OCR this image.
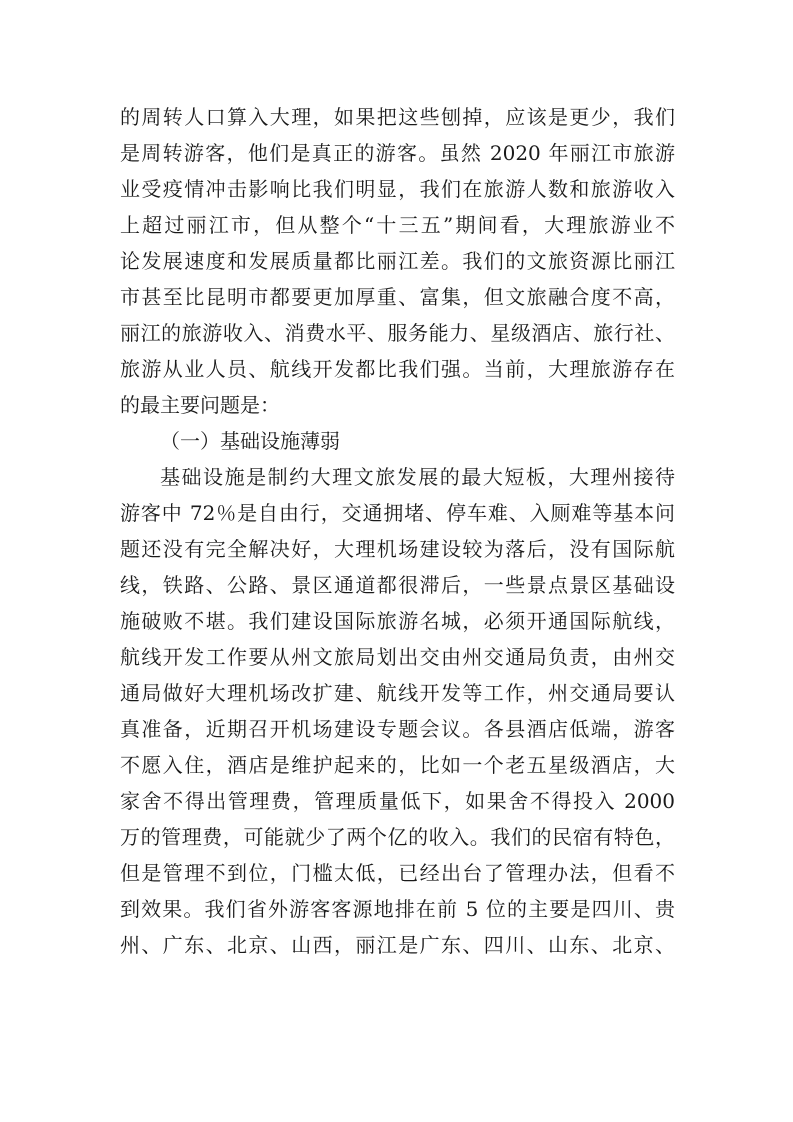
的周转人口算入大理，如果把这些刨掉，应该是更少，我们
是周转游客，他们是真正的游客。虽然 2020 年丽江市旅游
业受疫情冲击影响比我们明显，我们在旅游人数和旅游收入
上超过丽江市，但从整个“十三五”期间看，大理旅游业不
论发展速度和发展质量都比丽江差。我们的文旅资源比丽江
市甚至比昆明市都要更加厚重、富集，但文旅融合度不高，
丽江的旅游收入、消费水平、服务能力、星级酒店、旅行社、
旅游从业人员、航线开发都比我们强。当前，大理旅游存在
的最主要问题是：
（一）基础设施薄弱
基础设施是制约大理文旅发展的最大短板，大理州接待
游客中 72％是自由行，交通拥堵、停车难、入厕难等基本问
题还没有完全解决好，大理机场建设较为落后，没有国际航
线，铁路、公路、景区通道都很滞后，一些景点景区基础设
施破败不堪。我们建设国际旅游名城，必须开通国际航线，
航线开发工作要从州文旅局划出交由州交通局负责，由州交
通局做好大理机场改扩建、航线开发等工作，州交通局要认
真准备，近期召开机场建设专题会议。各县酒店低端，游客
不愿入住，酒店是维护起来的，比如一个老五星级酒店，大
家舍不得出管理费，管理质量低下，如果舍不得投入 2000
万的管理费，可能就少了两个亿的收入。我们的民宿有特色，
但是管理不到位，门槛太低，已经出台了管理办法，但看不
到效果。我们省外游客客源地排在前 5 位的主要是四川、贵
州、广东、北京、山西，丽江是广东、四川、山东、北京、
